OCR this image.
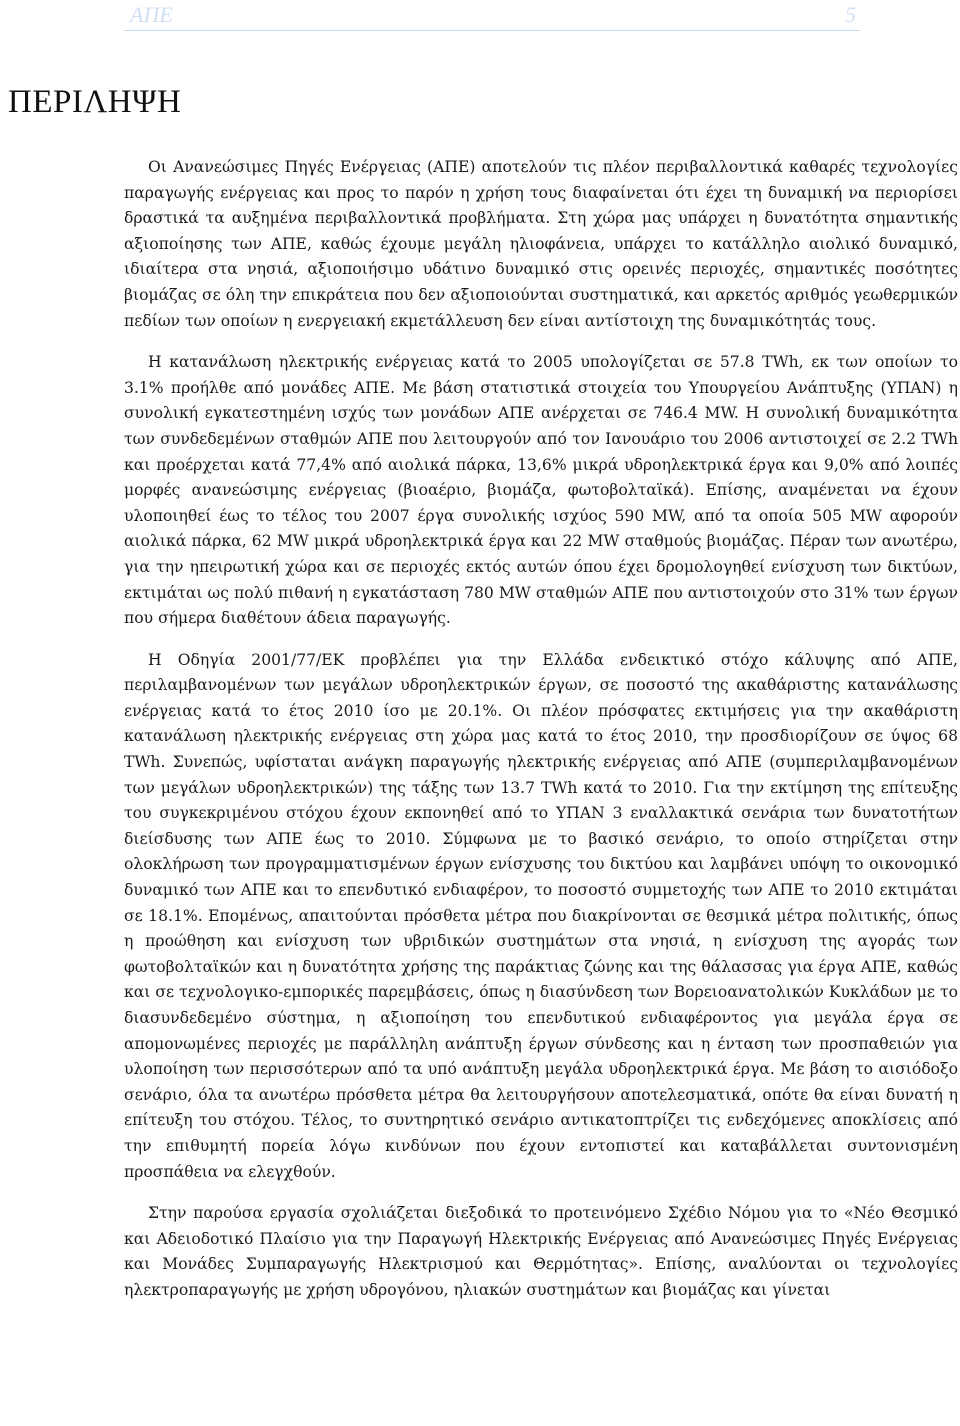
ΑΠΕ	5
ΠΕΡΙΛΗΨΗ

Οι Ανανεώσιμες Πηγές Ενέργειας (ΑΠΕ) αποτελούν τις πλέον περιβαλλοντικά καθαρές τεχνολογίες παραγωγής ενέργειας και προς το παρόν η χρήση τους διαφαίνεται ότι έχει τη δυναμική να περιορίσει δραστικά τα αυξημένα περιβαλλοντικά προβλήματα. Στη χώρα μας υπάρχει η δυνατότητα σημαντικής αξιοποίησης των ΑΠΕ, καθώς έχουμε μεγάλη ηλιοφάνεια, υπάρχει το κατάλληλο αιολικό δυναμικό, ιδιαίτερα στα νησιά, αξιοποιήσιμο υδάτινο δυναμικό στις ορεινές περιοχές, σημαντικές ποσότητες βιομάζας σε όλη την επικράτεια που δεν αξιοποιούνται συστηματικά, και αρκετός αριθμός γεωθερμικών πεδίων των οποίων η ενεργειακή εκμετάλλευση δεν είναι αντίστοιχη της δυναμικότητάς τους.

Η κατανάλωση ηλεκτρικής ενέργειας κατά το 2005 υπολογίζεται σε 57.8 TWh, εκ των οποίων το 3.1% προήλθε από μονάδες ΑΠΕ. Με βάση στατιστικά στοιχεία του Υπουργείου Ανάπτυξης (ΥΠΑΝ) η συνολική εγκατεστημένη ισχύς των μονάδων ΑΠΕ ανέρχεται σε 746.4 MW. Η συνολική δυναμικότητα των συνδεδεμένων σταθμών ΑΠΕ που λειτουργούν από τον Ιανουάριο του 2006 αντιστοιχεί σε 2.2 TWh και προέρχεται κατά 77,4% από αιολικά πάρκα, 13,6% μικρά υδροηλεκτρικά έργα και 9,0% από λοιπές μορφές ανανεώσιμης ενέργειας (βιοαέριο, βιομάζα, φωτοβολταϊκά). Επίσης, αναμένεται να έχουν υλοποιηθεί έως το τέλος του 2007 έργα συνολικής ισχύος 590 MW, από τα οποία 505 MW αφορούν αιολικά πάρκα, 62 MW μικρά υδροηλεκτρικά έργα και 22 MW σταθμούς βιομάζας. Πέραν των ανωτέρω, για την ηπειρωτική χώρα και σε περιοχές εκτός αυτών όπου έχει δρομολογηθεί ενίσχυση των δικτύων, εκτιμάται ως πολύ πιθανή η εγκατάσταση 780 MW σταθμών ΑΠΕ που αντιστοιχούν στο 31% των έργων που σήμερα διαθέτουν άδεια παραγωγής.

Η Οδηγία 2001/77/ΕΚ προβλέπει για την Ελλάδα ενδεικτικό στόχο κάλυψης από ΑΠΕ, περιλαμβανομένων των μεγάλων υδροηλεκτρικών έργων, σε ποσοστό της ακαθάριστης κατανάλωσης ενέργειας κατά το έτος 2010 ίσο με 20.1%. Οι πλέον πρόσφατες εκτιμήσεις για την ακαθάριστη κατανάλωση ηλεκτρικής ενέργειας στη χώρα μας κατά το έτος 2010, την προσδιορίζουν σε ύψος 68 TWh. Συνεπώς, υφίσταται ανάγκη παραγωγής ηλεκτρικής ενέργειας από ΑΠΕ (συμπεριλαμβανομένων των μεγάλων υδροηλεκτρικών) της τάξης των 13.7 TWh κατά το 2010. Για την εκτίμηση της επίτευξης του συγκεκριμένου στόχου έχουν εκπονηθεί από το ΥΠΑΝ 3 εναλλακτικά σενάρια των δυνατοτήτων διείσδυσης των ΑΠΕ έως το 2010. Σύμφωνα με το βασικό σενάριο, το οποίο στηρίζεται στην ολοκλήρωση των προγραμματισμένων έργων ενίσχυσης του δικτύου και λαμβάνει υπόψη το οικονομικό δυναμικό των ΑΠΕ και το επενδυτικό ενδιαφέρον, το ποσοστό συμμετοχής των ΑΠΕ το 2010 εκτιμάται σε 18.1%. Επομένως, απαιτούνται πρόσθετα μέτρα που διακρίνονται σε θεσμικά μέτρα πολιτικής, όπως η προώθηση και ενίσχυση των υβριδικών συστημάτων στα νησιά, η ενίσχυση της αγοράς των φωτοβολταϊκών και η δυνατότητα χρήσης της παράκτιας ζώνης και της θάλασσας για έργα ΑΠΕ, καθώς και σε τεχνολογικο-εμπορικές παρεμβάσεις, όπως η διασύνδεση των Βορειοανατολικών Κυκλάδων με το διασυνδεδεμένο σύστημα, η αξιοποίηση του επενδυτικού ενδιαφέροντος για μεγάλα έργα σε απομονωμένες περιοχές με παράλληλη ανάπτυξη έργων σύνδεσης και η ένταση των προσπαθειών για υλοποίηση των περισσότερων από τα υπό ανάπτυξη μεγάλα υδροηλεκτρικά έργα. Με βάση το αισιόδοξο σενάριο, όλα τα ανωτέρω πρόσθετα μέτρα θα λειτουργήσουν αποτελεσματικά, οπότε θα είναι δυνατή η επίτευξη του στόχου. Τέλος, το συντηρητικό σενάριο αντικατοπτρίζει τις ενδεχόμενες αποκλίσεις από την επιθυμητή πορεία λόγω κινδύνων που έχουν εντοπιστεί και καταβάλλεται συντονισμένη προσπάθεια να ελεγχθούν.

Στην παρούσα εργασία σχολιάζεται διεξοδικά το προτεινόμενο Σχέδιο Νόμου για το «Νέο Θεσμικό και Αδειοδοτικό Πλαίσιο για την Παραγωγή Ηλεκτρικής Ενέργειας από Ανανεώσιμες Πηγές Ενέργειας και Μονάδες Συμπαραγωγής Ηλεκτρισμού και Θερμότητας». Επίσης, αναλύονται οι τεχνολογίες ηλεκτροπαραγωγής με χρήση υδρογόνου, ηλιακών συστημάτων και βιομάζας και γίνεται
